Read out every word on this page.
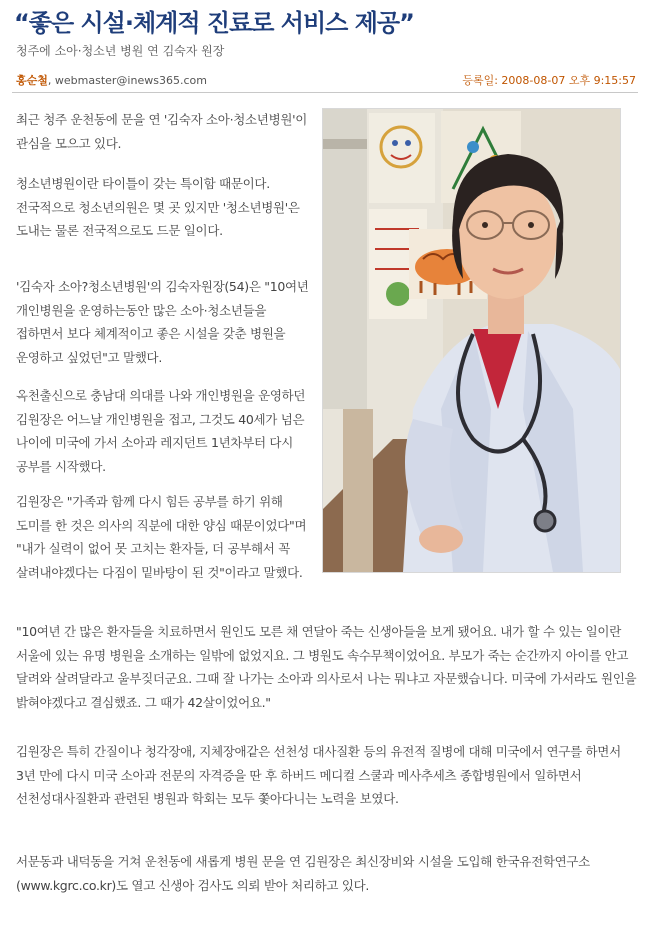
“좋은 시설·체계적 진료로 서비스 제공”
청주에 소아·청소년 병원 연 김숙자 원장
홍순철, webmaster@inews365.com	등록일: 2008-08-07 오후 9:15:57

최근 청주 운천동에 문을 연 '김숙자 소아·청소년병원'이 관심을 모으고 있다.

청소년병원이란 타이틀이 갖는 특이함 때문이다. 전국적으로 청소년의원은 몇 곳 있지만 '청소년병원'은 도내는 물론 전국적으로도 드문 일이다.

'김숙자 소아?청소년병원'의 김숙자원장(54)은 "10여년 개인병원을 운영하는동안 많은 소아·청소년들을 접하면서 보다 체계적이고 좋은 시설을 갖춘 병원을 운영하고 싶었던"고 말했다.

옥천출신으로 충남대 의대를 나와 개인병원을 운영하던 김원장은 어느날 개인병원을 접고, 그것도 40세가 넘은 나이에 미국에 가서 소아과 레지던트 1년차부터 다시 공부를 시작했다.

김원장은 "가족과 함께 다시 힘든 공부를 하기 위해 도미를 한 것은 의사의 직분에 대한 양심 때문이었다"며 "내가 실력이 없어 못 고치는 환자들, 더 공부해서 꼭 살려내야겠다는 다짐이 밑바탕이 된 것"이라고 말했다.

"10여년 간 많은 환자들을 치료하면서 원인도 모른 채 연달아 죽는 신생아들을 보게 됐어요. 내가 할 수 있는 일이란 서울에 있는 유명 병원을 소개하는 일밖에 없었지요. 그 병원도 속수무책이었어요. 부모가 죽는 순간까지 아이를 안고 달려와 살려달라고 울부짖더군요. 그때 잘 나가는 소아과 의사로서 나는 뭐냐고 자문했습니다. 미국에 가서라도 원인을 밝혀야겠다고 결심했죠. 그 때가 42살이었어요."

김원장은 특히 간질이나 청각장애, 지체장애같은 선천성 대사질환 등의 유전적 질병에 대해 미국에서 연구를 하면서 3년 만에 다시 미국 소아과 전문의 자격증을 딴 후 하버드 메디컬 스쿨과 메사추세츠 종합병원에서 일하면서 선천성대사질환과 관련된 병원과 학회는 모두 쫓아다니는 노력을 보였다.

서문동과 내덕동을 거쳐 운천동에 새롭게 병원 문을 연 김원장은 최신장비와 시설을 도입해 한국유전학연구소(www.kgrc.co.kr)도 열고 신생아 검사도 의뢰 받아 처리하고 있다.
